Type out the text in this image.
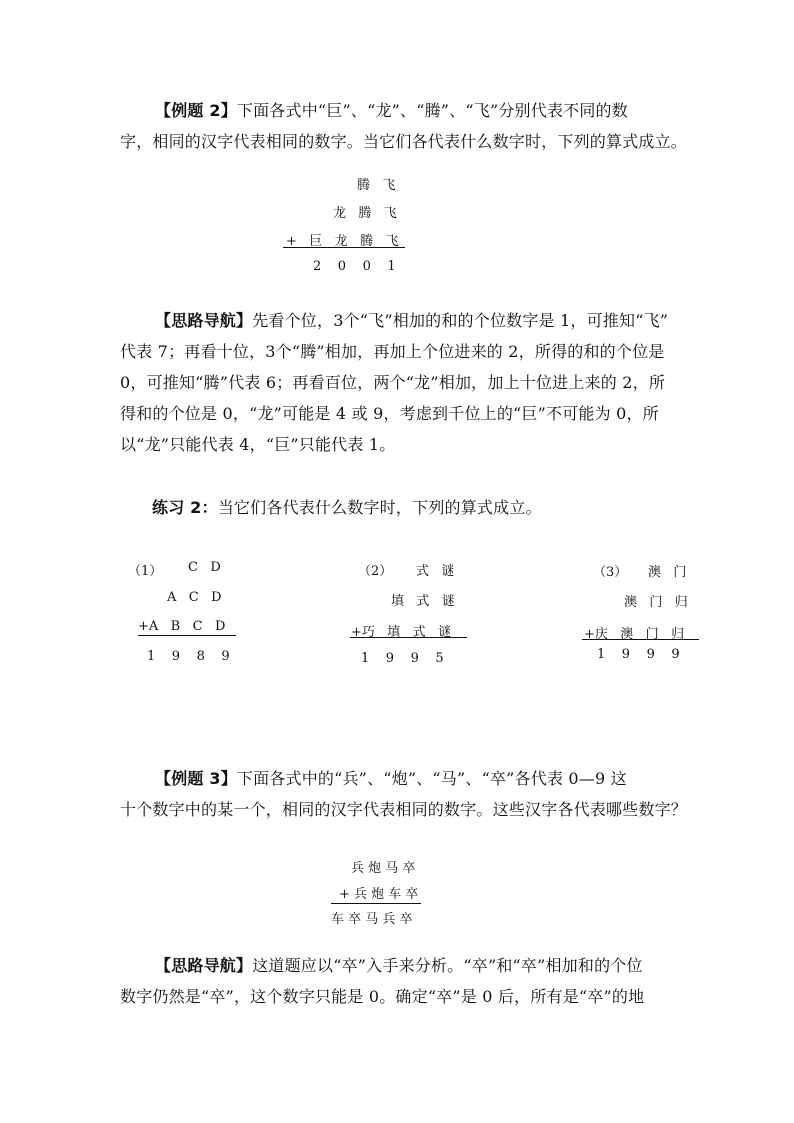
【例题 2】下面各式中“巨”、“龙”、“腾”、“飞”分别代表不同的数
字，相同的汉字代表相同的数字。当它们各代表什么数字时，下列的算式成立。
腾   飞
龙   腾   飞
+   巨   龙   腾   飞
2    0    0    1
【思路导航】先看个位，3个“飞”相加的和的个位数字是 1，可推知“飞”
代表 7；再看十位，3个“腾”相加，再加上个位进来的 2，所得的和的个位是
0，可推知“腾”代表 6；再看百位，两个“龙”相加，加上十位进上来的 2，所
得和的个位是 0，“龙”可能是 4 或 9，考虑到千位上的“巨”不可能为 0，所
以“龙”只能代表 4，“巨”只能代表 1。
练习 2：当它们各代表什么数字时，下列的算式成立。
（1） C   D
A   C   D
+A   B   C   D
1    9    8    9
（2） 式   谜
填   式   谜
+巧   填   式   谜
1    9    9    5
（3） 澳   门
澳   门   归
+庆   澳   门   归
1    9    9    9
【例题 3】下面各式中的“兵”、“炮”、“马”、“卒”各代表 0—9 这
十个数字中的某一个，相同的汉字代表相同的数字。这些汉字各代表哪些数字？
兵 炮 马 卒
+ 兵 炮 车 卒
车 卒 马 兵 卒
【思路导航】这道题应以“卒”入手来分析。“卒”和“卒”相加和的个位
数字仍然是“卒”，这个数字只能是 0。确定“卒”是 0 后，所有是“卒”的地
